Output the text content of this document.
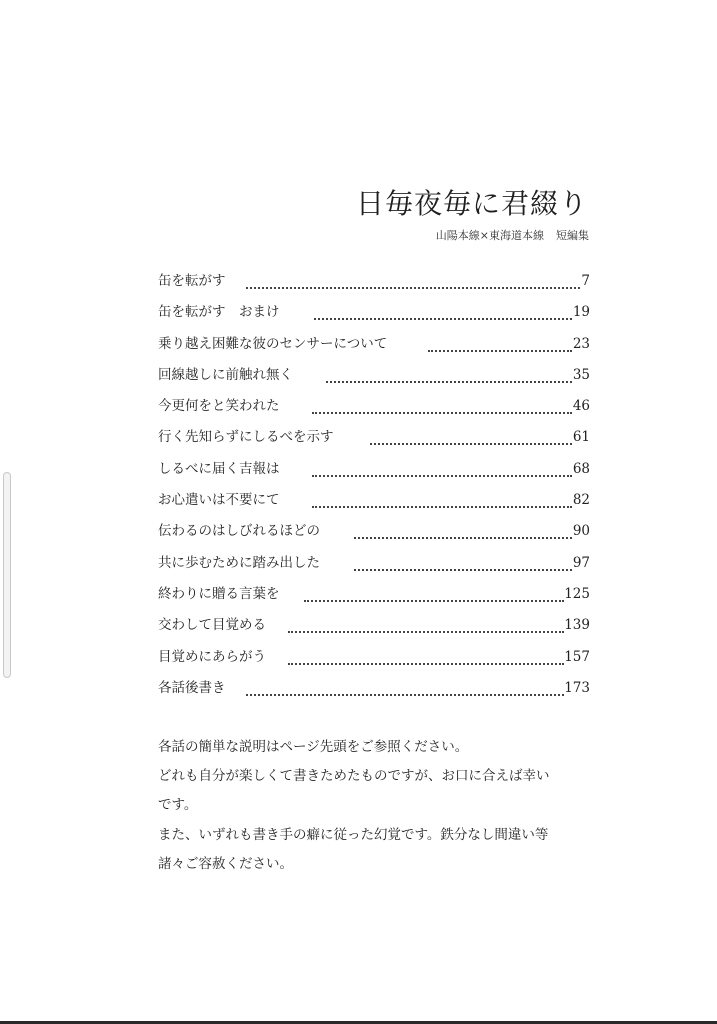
日毎夜毎に君綴り
山陽本線×東海道本線 短編集
缶を転がす	7
缶を転がす　おまけ	19
乗り越え困難な彼のセンサーについて	23
回線越しに前触れ無く	35
今更何をと笑われた	46
行く先知らずにしるべを示す	61
しるべに届く吉報は	68
お心遣いは不要にて	82
伝わるのはしびれるほどの	90
共に歩むために踏み出した	97
終わりに贈る言葉を	125
交わして目覚める	139
目覚めにあらがう	157
各話後書き	173

各話の簡単な説明はページ先頭をご参照ください。

どれも自分が楽しくて書きためたものですが、お口に合えば幸い

です。

また、いずれも書き手の癖に従った幻覚です。鉄分なし間違い等

諸々ご容赦ください。
